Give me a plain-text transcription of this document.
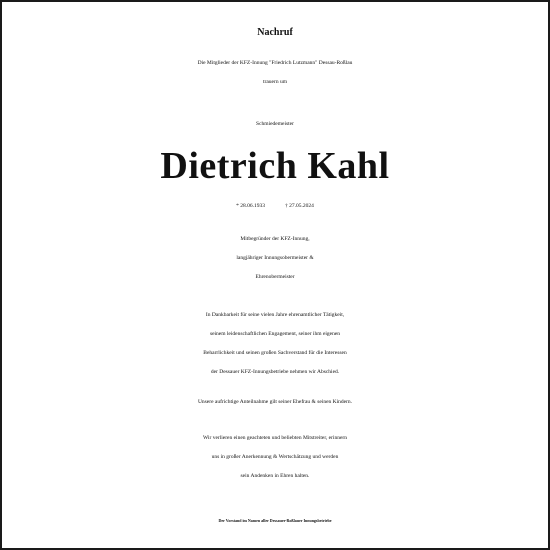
Nachruf
Die Mitglieder der KFZ-Innung "Friedrich Lutzmann" Dessau-Roßlau
trauern um
Schmiedemeister
Dietrich Kahl
* 28.06.1933	† 27.05.2024
Mitbegründer der KFZ-Innung,
langjähriger Innungsobermeister &
Ehrenobermeister
In Dankbarkeit für seine vielen Jahre ehrenamtlicher Tätigkeit,
seinem leidenschaftlichen Engagement, seiner ihm eigenen
Beharrlichkeit und seinen großen Sachverstand für die Interessen
der Dessauer KFZ-Innungsbetriebe nehmen wir Abschied.
Unsere aufrichtige Anteilnahme gilt seiner Ehefrau & seinen Kindern.
Wir verlieren einen geachteten und beliebten Mitstreiter, erinnern
uns in großer Anerkennung & Wertschätzung und werden
sein Andenken in Ehren halten.
Der Vorstand im Namen aller Dessauer-Roßlauer Innungsbetriebe
